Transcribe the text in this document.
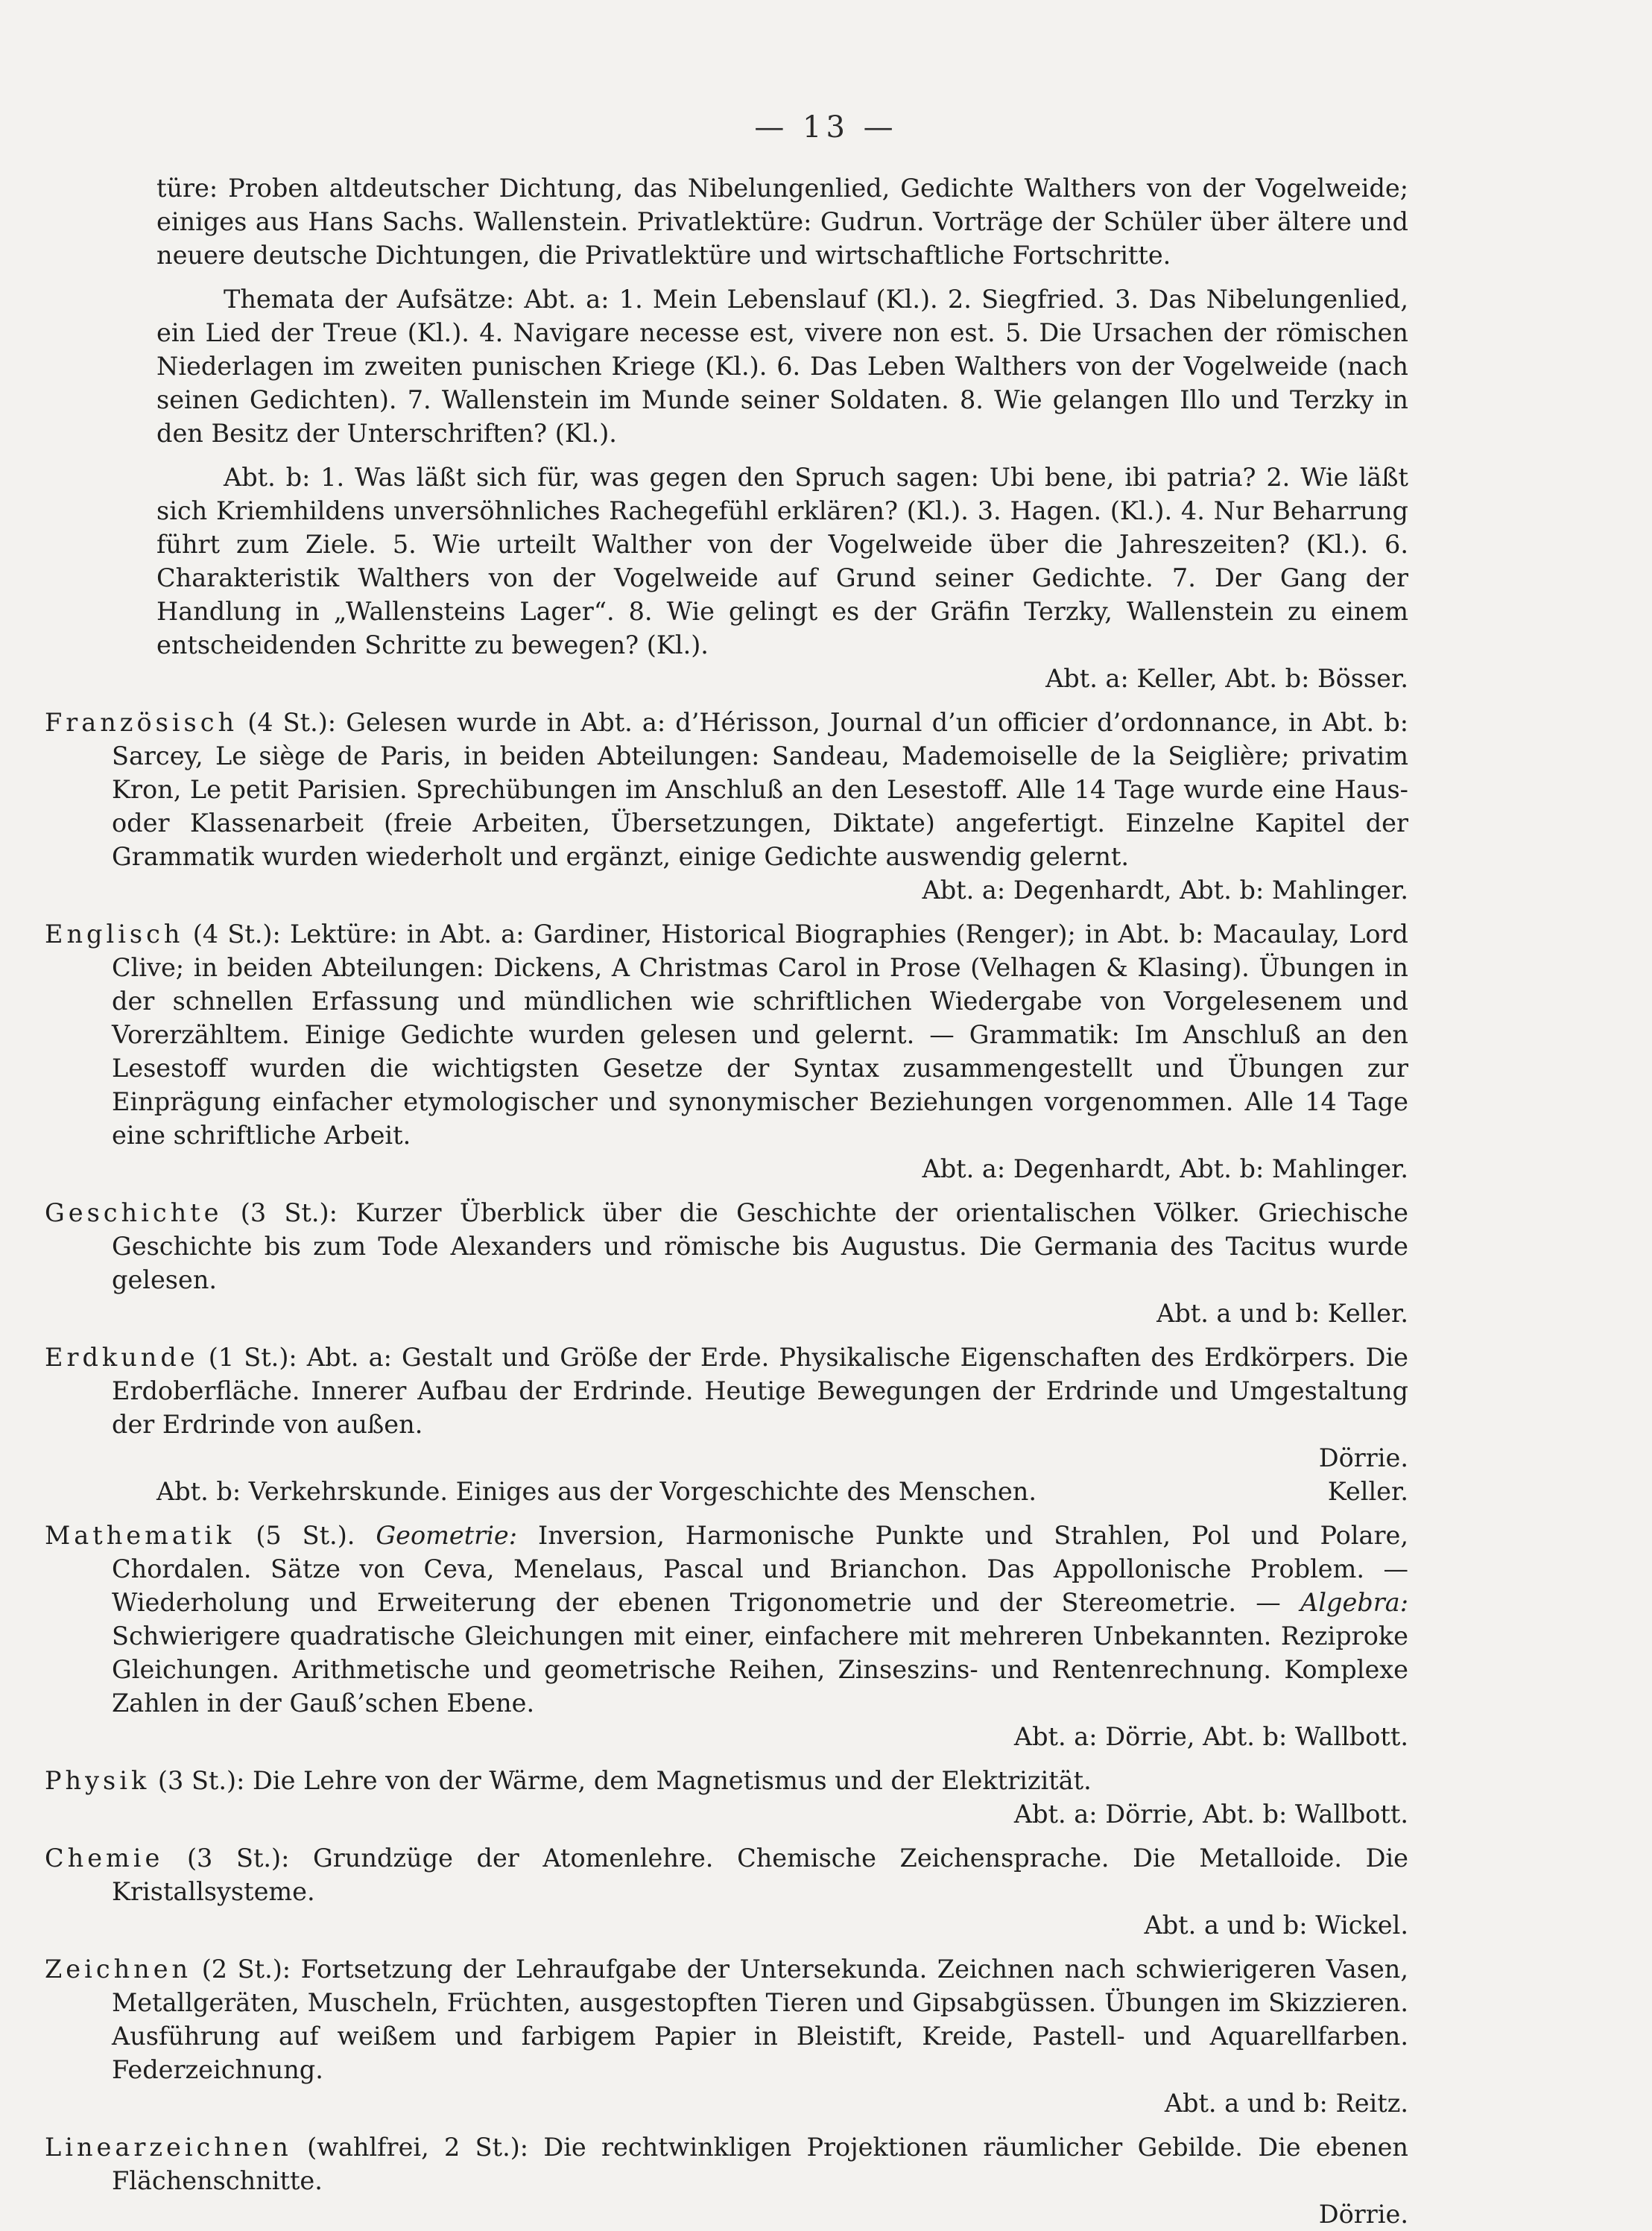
— 13 —

türe: Proben altdeutscher Dichtung, das Nibelungenlied, Gedichte Walthers von der Vogelweide; einiges aus Hans Sachs. Wallenstein. Privatlektüre: Gudrun. Vorträge der Schüler über ältere und neuere deutsche Dichtungen, die Privatlektüre und wirtschaftliche Fortschritte.

Themata der Aufsätze: Abt. a: 1. Mein Lebenslauf (Kl.). 2. Siegfried. 3. Das Nibelungenlied, ein Lied der Treue (Kl.). 4. Navigare necesse est, vivere non est. 5. Die Ursachen der römischen Niederlagen im zweiten punischen Kriege (Kl.). 6. Das Leben Walthers von der Vogelweide (nach seinen Gedichten). 7. Wallenstein im Munde seiner Soldaten. 8. Wie gelangen Illo und Terzky in den Besitz der Unterschriften? (Kl.).

Abt. b: 1. Was läßt sich für, was gegen den Spruch sagen: Ubi bene, ibi patria? 2. Wie läßt sich Kriemhildens unversöhnliches Rachegefühl erklären? (Kl.). 3. Hagen. (Kl.). 4. Nur Beharrung führt zum Ziele. 5. Wie urteilt Walther von der Vogelweide über die Jahreszeiten? (Kl.). 6. Charakteristik Walthers von der Vogelweide auf Grund seiner Gedichte. 7. Der Gang der Handlung in „Wallensteins Lager“. 8. Wie gelingt es der Gräfin Terzky, Wallenstein zu einem entscheidenden Schritte zu bewegen? (Kl.).

Abt. a: Keller, Abt. b: Bösser.

Französisch (4 St.): Gelesen wurde in Abt. a: d’Hérisson, Journal d’un officier d’ordonnance, in Abt. b: Sarcey, Le siège de Paris, in beiden Abteilungen: Sandeau, Mademoiselle de la Seiglière; privatim Kron, Le petit Parisien. Sprechübungen im Anschluß an den Lesestoff. Alle 14 Tage wurde eine Haus- oder Klassenarbeit (freie Arbeiten, Übersetzungen, Diktate) angefertigt. Einzelne Kapitel der Grammatik wurden wiederholt und ergänzt, einige Gedichte auswendig gelernt.

Abt. a: Degenhardt, Abt. b: Mahlinger.

Englisch (4 St.): Lektüre: in Abt. a: Gardiner, Historical Biographies (Renger); in Abt. b: Macaulay, Lord Clive; in beiden Abteilungen: Dickens, A Christmas Carol in Prose (Velhagen & Klasing). Übungen in der schnellen Erfassung und mündlichen wie schriftlichen Wiedergabe von Vorgelesenem und Vorerzähltem. Einige Gedichte wurden gelesen und gelernt. — Grammatik: Im Anschluß an den Lesestoff wurden die wichtigsten Gesetze der Syntax zusammengestellt und Übungen zur Einprägung einfacher etymologischer und synonymischer Beziehungen vorgenommen. Alle 14 Tage eine schriftliche Arbeit.

Abt. a: Degenhardt, Abt. b: Mahlinger.

Geschichte (3 St.): Kurzer Überblick über die Geschichte der orientalischen Völker. Griechische Geschichte bis zum Tode Alexanders und römische bis Augustus. Die Germania des Tacitus wurde gelesen.

Abt. a und b: Keller.

Erdkunde (1 St.): Abt. a: Gestalt und Größe der Erde. Physikalische Eigenschaften des Erdkörpers. Die Erdoberfläche. Innerer Aufbau der Erdrinde. Heutige Bewegungen der Erdrinde und Umgestaltung der Erdrinde von außen.

Dörrie.

Abt. b: Verkehrskunde. Einiges aus der Vorgeschichte des Menschen.	Keller.

Mathematik (5 St.). Geometrie: Inversion, Harmonische Punkte und Strahlen, Pol und Polare, Chordalen. Sätze von Ceva, Menelaus, Pascal und Brianchon. Das Appollonische Problem. — Wiederholung und Erweiterung der ebenen Trigonometrie und der Stereometrie. — Algebra: Schwierigere quadratische Gleichungen mit einer, einfachere mit mehreren Unbekannten. Reziproke Gleichungen. Arithmetische und geometrische Reihen, Zinseszins- und Rentenrechnung. Komplexe Zahlen in der Gauß’schen Ebene.

Abt. a: Dörrie, Abt. b: Wallbott.

Physik (3 St.): Die Lehre von der Wärme, dem Magnetismus und der Elektrizität.

Abt. a: Dörrie, Abt. b: Wallbott.

Chemie (3 St.): Grundzüge der Atomenlehre. Chemische Zeichensprache. Die Metalloide. Die Kristallsysteme.

Abt. a und b: Wickel.

Zeichnen (2 St.): Fortsetzung der Lehraufgabe der Untersekunda. Zeichnen nach schwierigeren Vasen, Metallgeräten, Muscheln, Früchten, ausgestopften Tieren und Gipsabgüssen. Übungen im Skizzieren. Ausführung auf weißem und farbigem Papier in Bleistift, Kreide, Pastell- und Aquarellfarben. Federzeichnung.

Abt. a und b: Reitz.

Linearzeichnen (wahlfrei, 2 St.): Die rechtwinkligen Projektionen räumlicher Gebilde. Die ebenen Flächenschnitte.

Dörrie.
